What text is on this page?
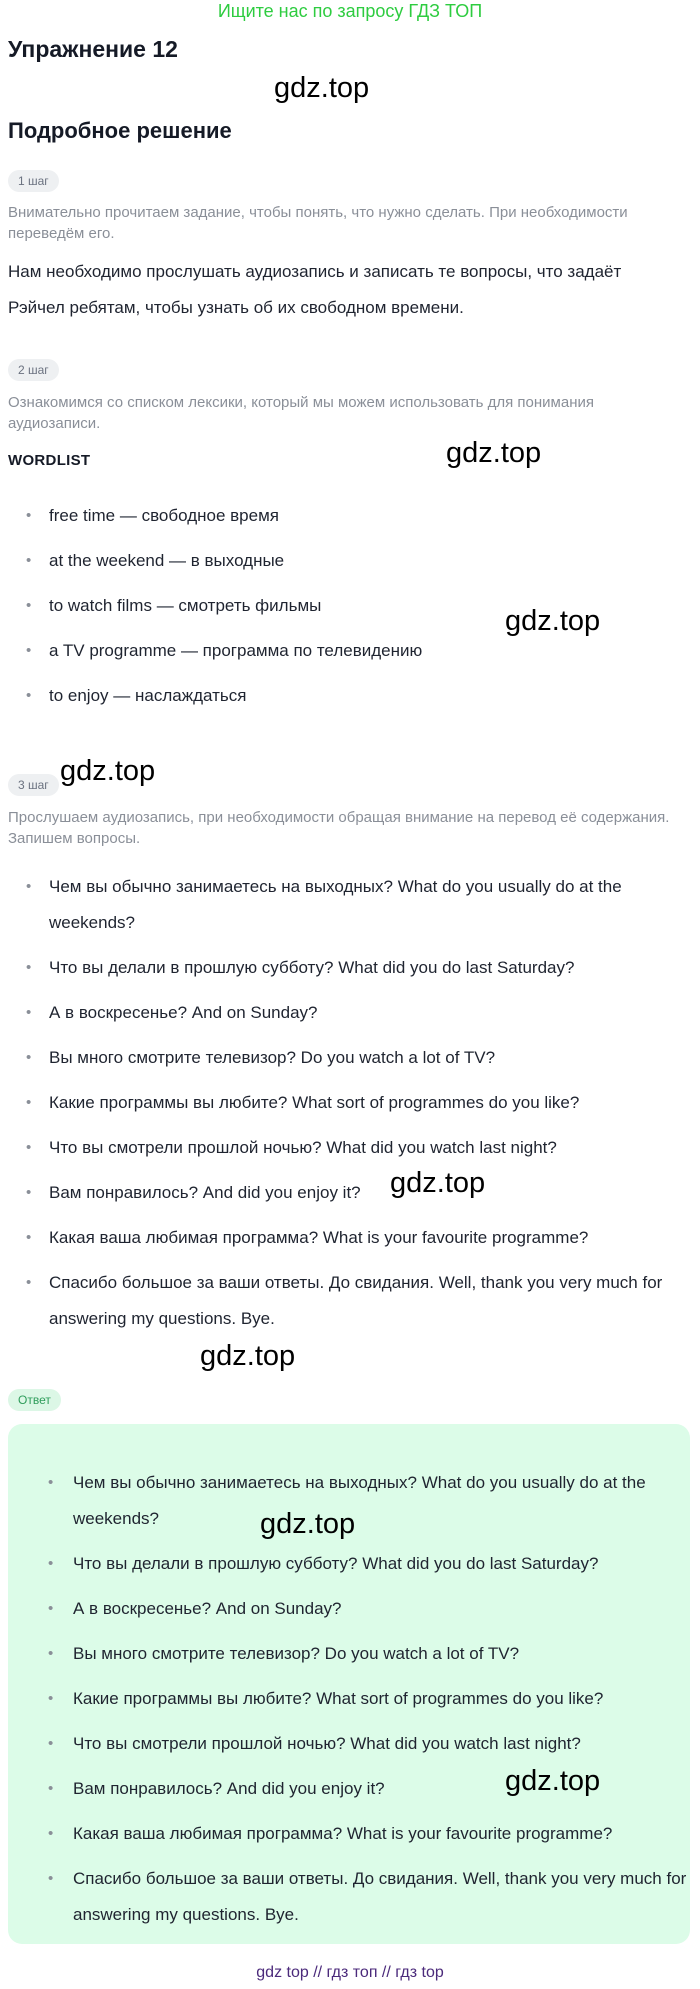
Ищите нас по запросу ГДЗ ТОП
Упражнение 12
gdz.top
Подробное решение
1 шаг
Внимательно прочитаем задание, чтобы понять, что нужно сделать. При необходимости переведём его.
Нам необходимо прослушать аудиозапись и записать те вопросы, что задаёт
Рэйчел ребятам, чтобы узнать об их свободном времени.
2 шаг
Ознакомимся со списком лексики, который мы можем использовать для понимания аудиозаписи.
WORDLIST	gdz.top
• free time — свободное время
• at the weekend — в выходные
• to watch films — смотреть фильмы
• a TV programme — программа по телевидению
• to enjoy — наслаждаться
gdz.top
3 шаг gdz.top
Прослушаем аудиозапись, при необходимости обращая внимание на перевод её содержания. Запишем вопросы.
• Чем вы обычно занимаетесь на выходных? What do you usually do at the weekends?
• Что вы делали в прошлую субботу? What did you do last Saturday?
• А в воскресенье? And on Sunday?
• Вы много смотрите телевизор? Do you watch a lot of TV?
• Какие программы вы любите? What sort of programmes do you like?
• Что вы смотрели прошлой ночью? What did you watch last night?
• Вам понравилось? And did you enjoy it?
• Какая ваша любимая программа? What is your favourite programme?
• Спасибо большое за ваши ответы. До свидания. Well, thank you very much for answering my questions. Bye.
gdz.top
gdz.top
Ответ
• Чем вы обычно занимаетесь на выходных? What do you usually do at the weekends?
• Что вы делали в прошлую субботу? What did you do last Saturday?
• А в воскресенье? And on Sunday?
• Вы много смотрите телевизор? Do you watch a lot of TV?
• Какие программы вы любите? What sort of programmes do you like?
• Что вы смотрели прошлой ночью? What did you watch last night?
• Вам понравилось? And did you enjoy it?
• Какая ваша любимая программа? What is your favourite programme?
• Спасибо большое за ваши ответы. До свидания. Well, thank you very much for answering my questions. Bye.
gdz.top
gdz.top
gdz top // гдз топ // гдз top
